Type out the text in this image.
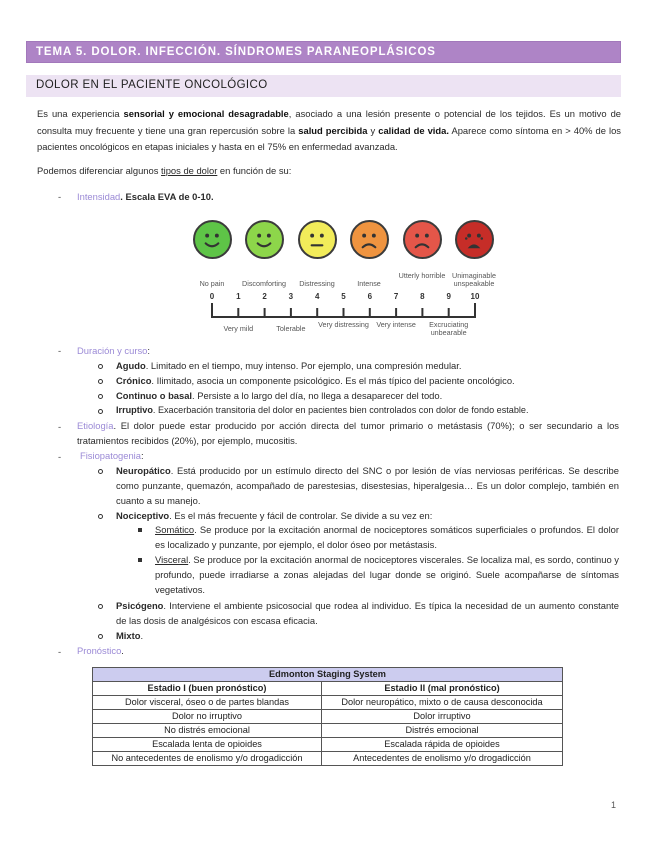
TEMA 5. DOLOR. INFECCIÓN. SÍNDROMES PARANEOPLÁSICOS
DOLOR EN EL PACIENTE ONCOLÓGICO
Es una experiencia sensorial y emocional desagradable, asociado a una lesión presente o potencial de los tejidos. Es un motivo de consulta muy frecuente y tiene una gran repercusión sobre la salud percibida y calidad de vida. Aparece como síntoma en > 40% de los pacientes oncológicos en etapas iniciales y hasta en el 75% en enfermedad avanzada.
Podemos diferenciar algunos tipos de dolor en función de su:
- Intensidad. Escala EVA de 0-10.
No pain	Discomforting	Distressing	Intense
Utterly horrible Unimaginable unspeakable
0	1	2	3	4	5	6	7	8	9	10
Very mild	Tolerable	Very distressing	Very intense	Excruciating unbearable
- Duración y curso:
Agudo. Limitado en el tiempo, muy intenso. Por ejemplo, una compresión medular.
Crónico. Ilimitado, asocia un componente psicológico. Es el más típico del paciente oncológico.
Continuo o basal. Persiste a lo largo del día, no llega a desaparecer del todo.
Irruptivo. Exacerbación transitoria del dolor en pacientes bien controlados con dolor de fondo estable.
- Etiología. El dolor puede estar producido por acción directa del tumor primario o metástasis (70%); o ser secundario a los tratamientos recibidos (20%), por ejemplo, mucositis.
- Fisiopatogenia:
Neuropático. Está producido por un estímulo directo del SNC o por lesión de vías nerviosas periféricas. Se describe como punzante, quemazón, acompañado de parestesias, disestesias, hiperalgesia… Es un dolor complejo, también en cuanto a su manejo.
Nociceptivo. Es el más frecuente y fácil de controlar. Se divide a su vez en:
Somático. Se produce por la excitación anormal de nociceptores somáticos superficiales o profundos. El dolor es localizado y punzante, por ejemplo, el dolor óseo por metástasis.
Visceral. Se produce por la excitación anormal de nociceptores viscerales. Se localiza mal, es sordo, continuo y profundo, puede irradiarse a zonas alejadas del lugar donde se originó. Suele acompañarse de síntomas vegetativos.
Psicógeno. Interviene el ambiente psicosocial que rodea al individuo. Es típica la necesidad de un aumento constante de las dosis de analgésicos con escasa eficacia.
Mixto.
- Pronóstico.
Edmonton Staging System	
Estadio I (buen pronóstico)	Estadio II (mal pronóstico)
Dolor visceral, óseo o de partes blandas	Dolor neuropático, mixto o de causa desconocida
Dolor no irruptivo	Dolor irruptivo
No distrés emocional	Distrés emocional
Escalada lenta de opioides	Escalada rápida de opioides
No antecedentes de enolismo y/o drogadicción	Antecedentes de enolismo y/o drogadicción
1
